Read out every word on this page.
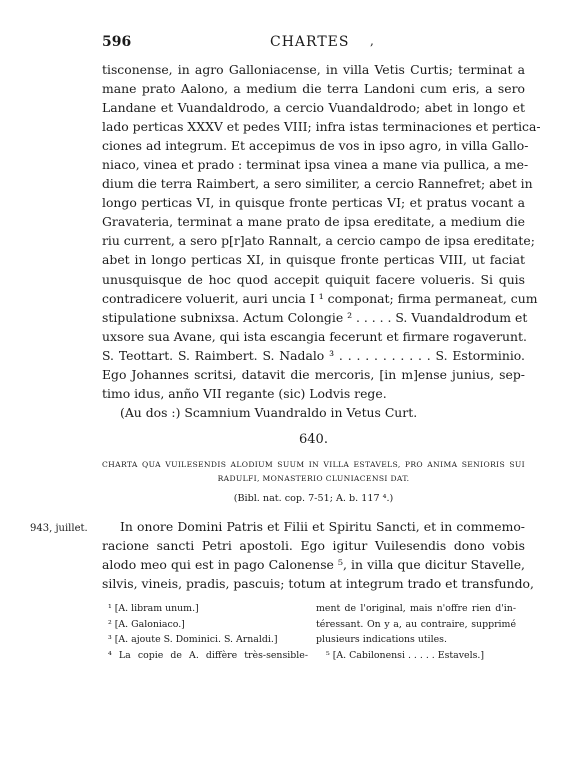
596	CHARTES ,
tisconense, in agro Galloniacense, in villa Vetis Curtis; terminat a
mane prato Aalono, a medium die terra Landoni cum eris, a sero
Landane et Vuandaldrodo, a cercio Vuandaldrodo; abet in longo et
lado perticas XXXV et pedes VIII; infra istas terminaciones et pertica-
ciones ad integrum. Et accepimus de vos in ipso agro, in villa Gallo-
niaco, vinea et prado : terminat ipsa vinea a mane via pullica, a me-
dium die terra Raimbert, a sero similiter, a cercio Rannefret; abet in
longo perticas VI, in quisque fronte perticas VI; et pratus vocant a
Gravateria, terminat a mane prato de ipsa ereditate, a medium die
riu current, a sero p[r]ato Rannalt, a cercio campo de ipsa ereditate;
abet in longo perticas XI, in quisque fronte perticas VIII, ut faciat
unusquisque de hoc quod accepit quiquit facere volueris. Si quis
contradicere voluerit, auri uncia I ¹ componat; firma permaneat, cum
stipulatione subnixsa. Actum Colongie ² . . . . . S. Vuandaldrodum et
uxsore sua Avane, qui ista escangia fecerunt et firmare rogaverunt.
S. Teottart. S. Raimbert. S. Nadalo ³ . . . . . . . . . . . S. Estorminio.
Ego Johannes scritsi, datavit die mercoris, [in m]ense junius, sep-
timo idus, anño VII regante (sic) Lodvis rege.
(Au dos :) Scamnium Vuandraldo in Vetus Curt.
640.
CHARTA QUA VUILESENDIS ALODIUM SUUM IN VILLA ESTAVELS, PRO ANIMA SENIORIS SUI
RADULFI, MONASTERIO CLUNIACENSI DAT.
(Bibl. nat. cop. 7-51; A. b. 117 ⁴.)
943, juillet.	In onore Domini Patris et Filii et Spiritu Sancti, et in commemo-
racione sancti Petri apostoli. Ego igitur Vuilesendis dono vobis
alodo meo qui est in pago Calonense ⁵, in villa que dicitur Stavelle,
silvis, vineis, pradis, pascuis; totum at integrum trado et transfundo,
¹ [A. libram unum.]
² [A. Galoniaco.]
³ [A. ajoute S. Dominici. S. Arnaldi.]
⁴ La copie de A. diffère très-sensible-
ment de l'original, mais n'offre rien d'in-
téressant. On y a, au contraire, supprimé
plusieurs indications utiles.
⁵ [A. Cabilonensi . . . . . Estavels.]
